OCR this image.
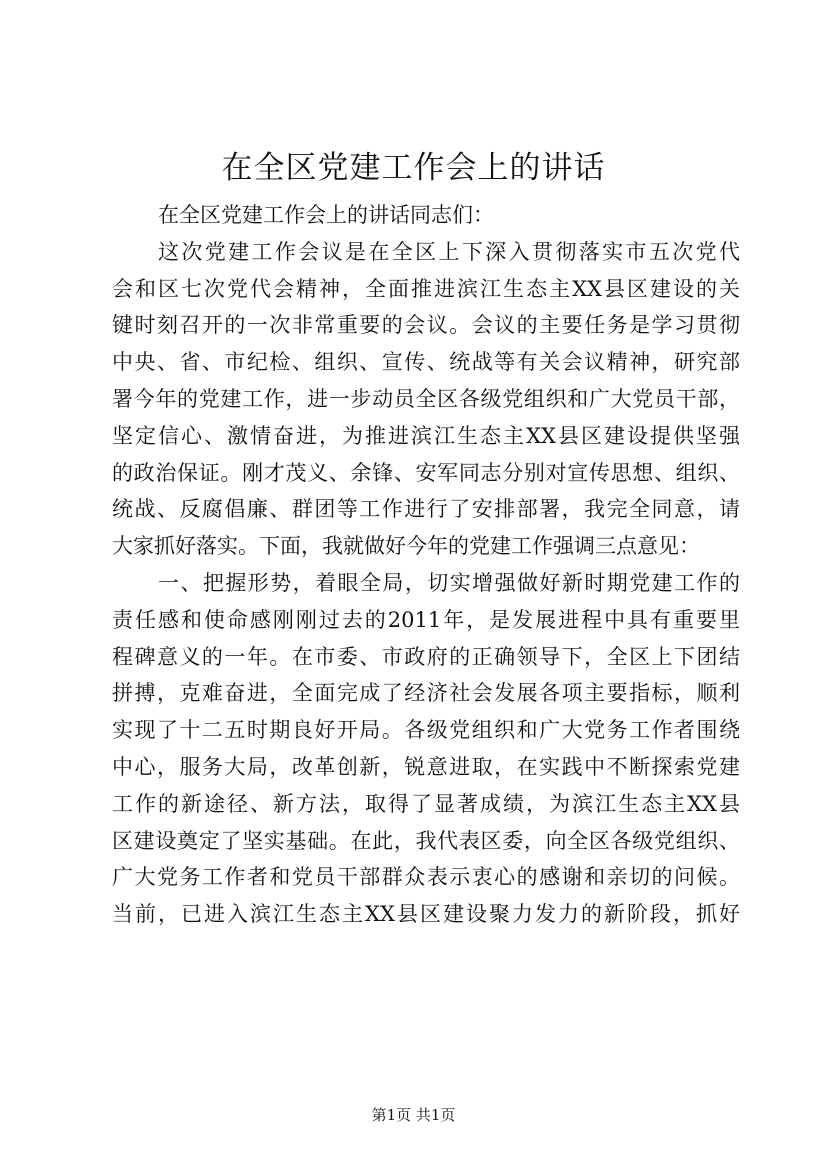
在全区党建工作会上的讲话
在全区党建工作会上的讲话同志们：
这次党建工作会议是在全区上下深入贯彻落实市五次党代
会和区七次党代会精神，全面推进滨江生态主XX县区建设的关
键时刻召开的一次非常重要的会议。会议的主要任务是学习贯彻
中央、省、市纪检、组织、宣传、统战等有关会议精神，研究部
署今年的党建工作，进一步动员全区各级党组织和广大党员干部，
坚定信心、激情奋进，为推进滨江生态主XX县区建设提供坚强
的政治保证。刚才茂义、余锋、安军同志分别对宣传思想、组织、
统战、反腐倡廉、群团等工作进行了安排部署，我完全同意，请
大家抓好落实。下面，我就做好今年的党建工作强调三点意见：
一、把握形势，着眼全局，切实增强做好新时期党建工作的
责任感和使命感刚刚过去的2011年，是发展进程中具有重要里
程碑意义的一年。在市委、市政府的正确领导下，全区上下团结
拼搏，克难奋进，全面完成了经济社会发展各项主要指标，顺利
实现了十二五时期良好开局。各级党组织和广大党务工作者围绕
中心，服务大局，改革创新，锐意进取，在实践中不断探索党建
工作的新途径、新方法，取得了显著成绩，为滨江生态主XX县
区建设奠定了坚实基础。在此，我代表区委，向全区各级党组织、
广大党务工作者和党员干部群众表示衷心的感谢和亲切的问候。
当前，已进入滨江生态主XX县区建设聚力发力的新阶段，抓好
第1页 共1页
